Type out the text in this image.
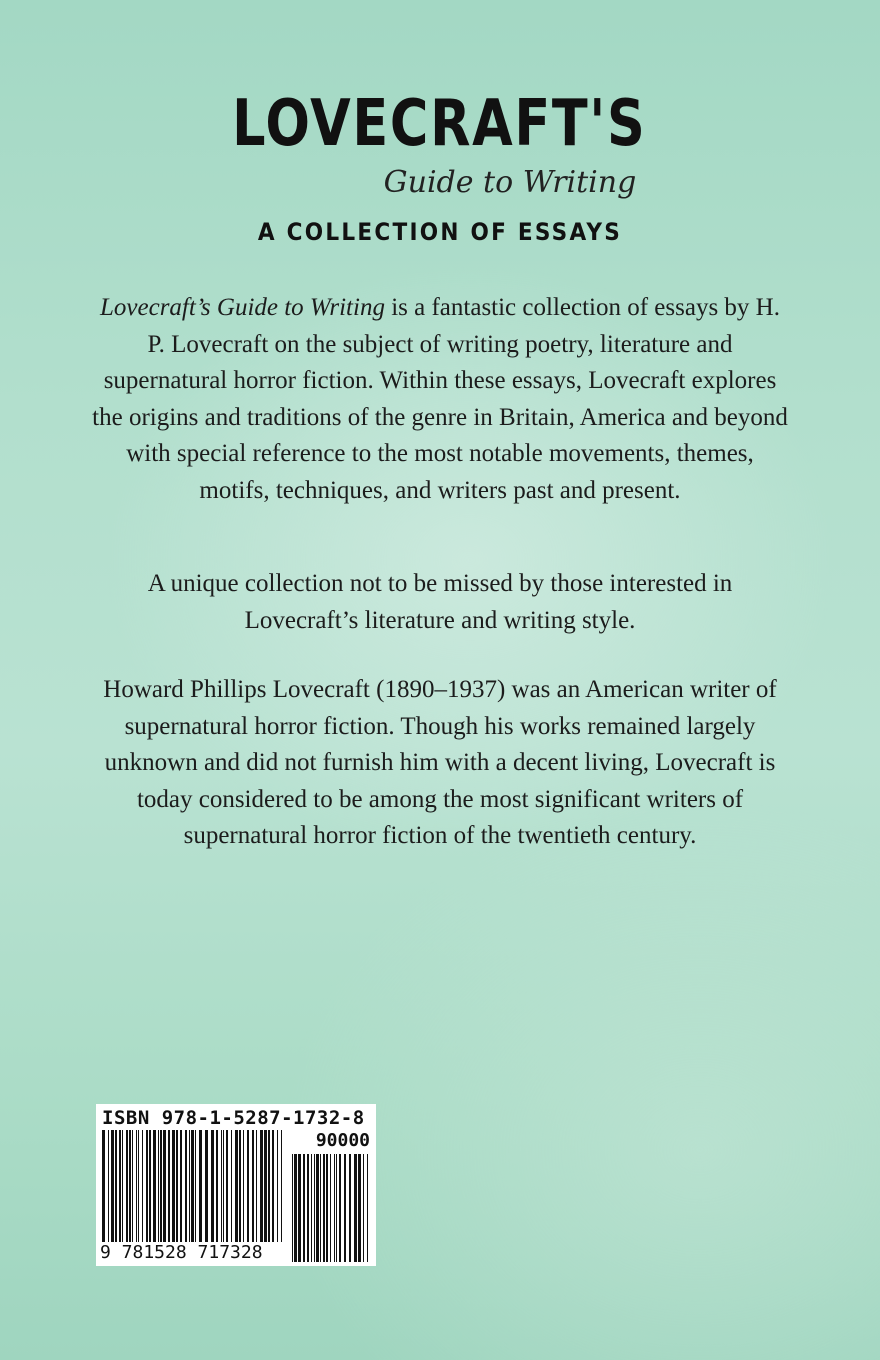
LOVECRAFT'S
Guide to Writing
A COLLECTION OF ESSAYS
Lovecraft’s Guide to Writing is a fantastic collection of essays by H. P. Lovecraft on the subject of writing poetry, literature and supernatural horror fiction. Within these essays, Lovecraft explores the origins and traditions of the genre in Britain, America and beyond with special reference to the most notable movements, themes, motifs, techniques, and writers past and present.
A unique collection not to be missed by those interested in Lovecraft’s literature and writing style.
Howard Phillips Lovecraft (1890–1937) was an American writer of supernatural horror fiction. Though his works remained largely unknown and did not furnish him with a decent living, Lovecraft is today considered to be among the most significant writers of supernatural horror fiction of the twentieth century.
ISBN 978-1-5287-1732-8
90000
9 781528 717328
